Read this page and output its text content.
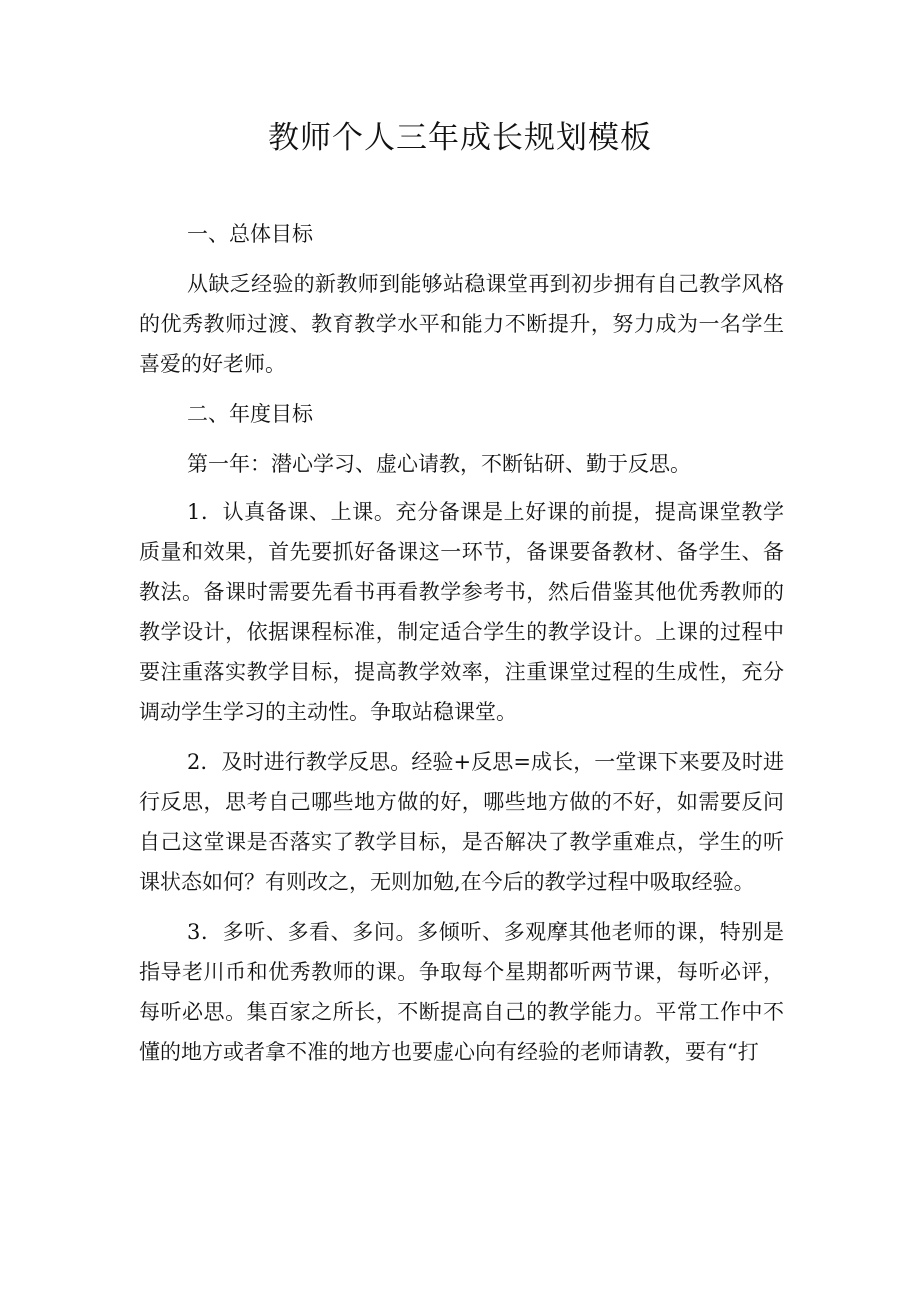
教师个人三年成长规划模板

一、总体目标

从缺乏经验的新教师到能够站稳课堂再到初步拥有自己教学风格的优秀教师过渡、教育教学水平和能力不断提升，努力成为一名学生喜爱的好老师。

二、年度目标

第一年：潜心学习、虚心请教，不断钻研、勤于反思。

1．认真备课、上课。充分备课是上好课的前提，提高课堂教学质量和效果，首先要抓好备课这一环节，备课要备教材、备学生、备教法。备课时需要先看书再看教学参考书，然后借鉴其他优秀教师的教学设计，依据课程标准，制定适合学生的教学设计。上课的过程中要注重落实教学目标，提高教学效率，注重课堂过程的生成性，充分调动学生学习的主动性。争取站稳课堂。

2．及时进行教学反思。经验+反思=成长，一堂课下来要及时进行反思，思考自己哪些地方做的好，哪些地方做的不好，如需要反问自己这堂课是否落实了教学目标，是否解决了教学重难点，学生的听课状态如何？有则改之，无则加勉,在今后的教学过程中吸取经验。

3．多听、多看、多问。多倾听、多观摩其他老师的课，特别是指导老川币和优秀教师的课。争取每个星期都听两节课，每听必评，每听必思。集百家之所长，不断提高自己的教学能力。平常工作中不懂的地方或者拿不准的地方也要虚心向有经验的老师请教，要有“打
